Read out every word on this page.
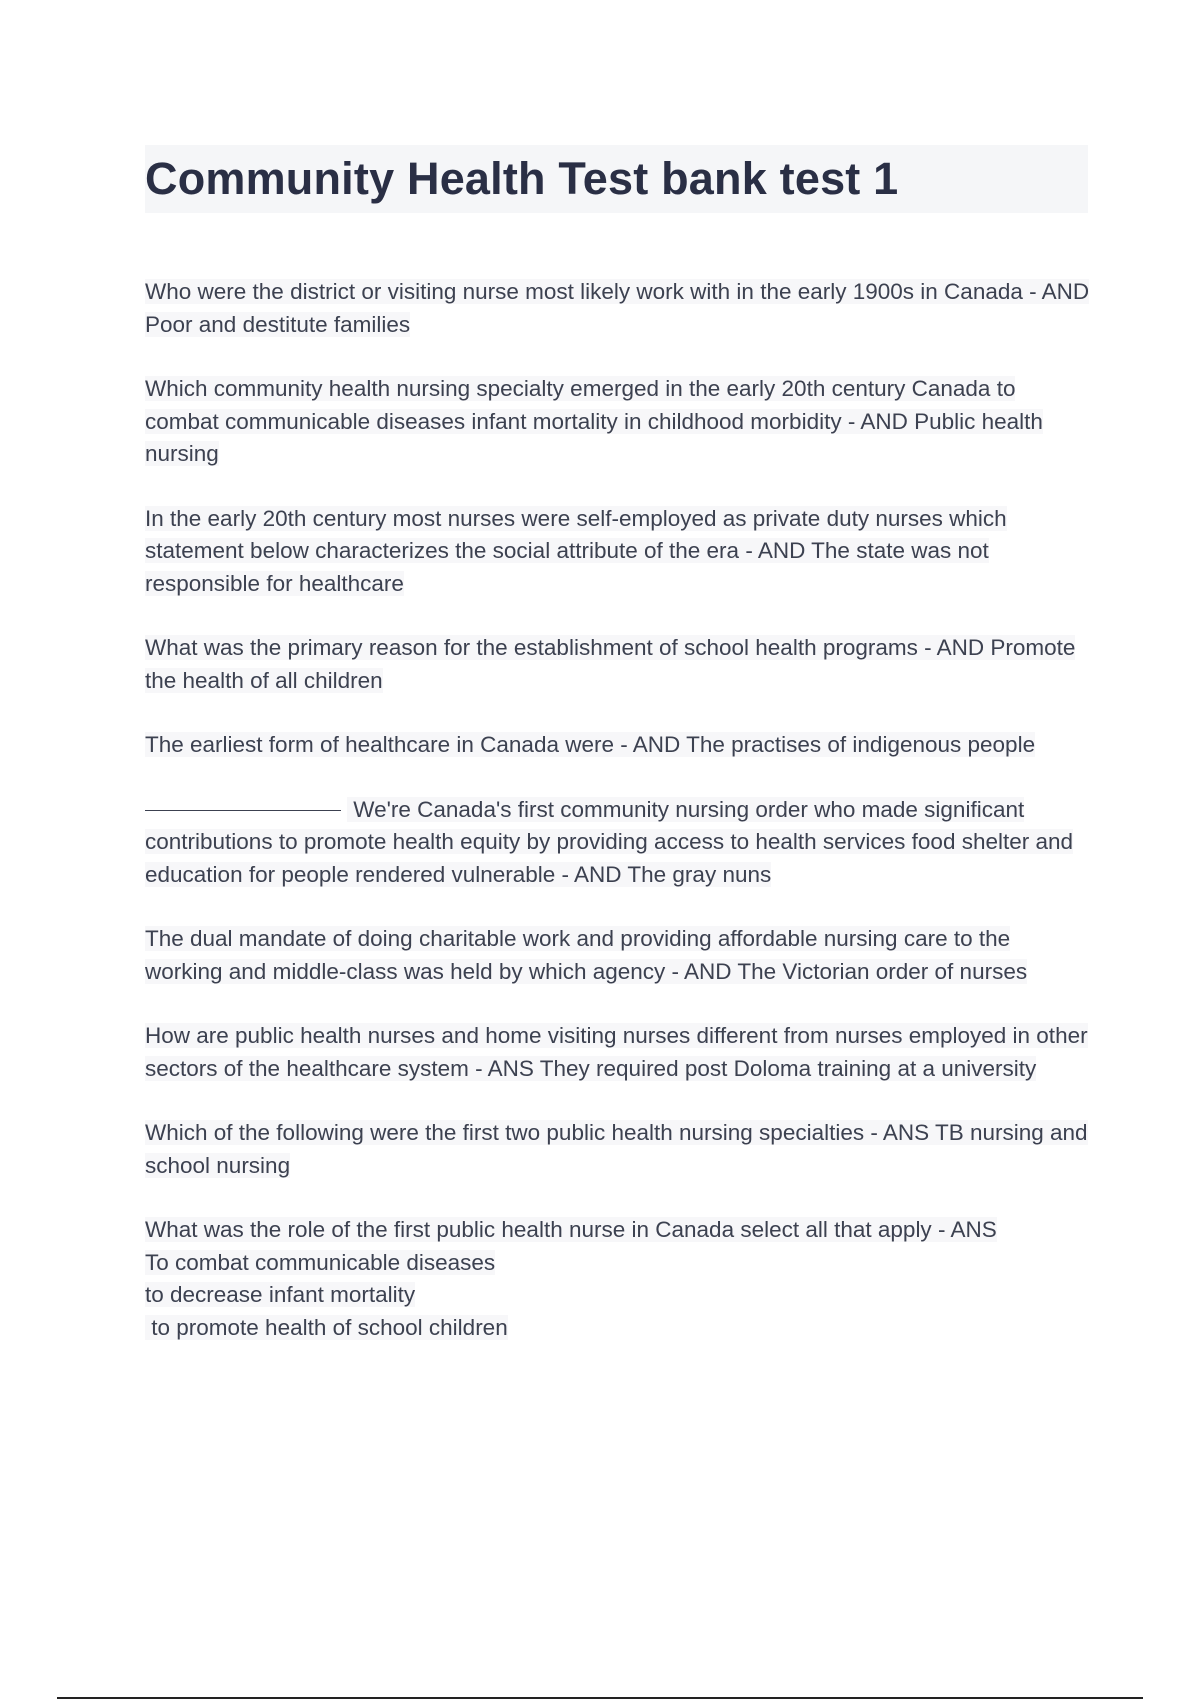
Community Health Test bank test 1

Who were the district or visiting nurse most likely work with in the early 1900s in Canada - AND Poor and destitute families

Which community health nursing specialty emerged in the early 20th century Canada to combat communicable diseases infant mortality in childhood morbidity - AND Public health nursing

In the early 20th century most nurses were self-employed as private duty nurses which statement below characterizes the social attribute of the era - AND The state was not responsible for healthcare

What was the primary reason for the establishment of school health programs - AND Promote the health of all children

The earliest form of healthcare in Canada were - AND The practises of indigenous people

We're Canada's first community nursing order who made significant contributions to promote health equity by providing access to health services food shelter and education for people rendered vulnerable - AND The gray nuns

The dual mandate of doing charitable work and providing affordable nursing care to the working and middle-class was held by which agency - AND The Victorian order of nurses

How are public health nurses and home visiting nurses different from nurses employed in other sectors of the healthcare system - ANS They required post Doloma training at a university

Which of the following were the first two public health nursing specialties - ANS TB nursing and school nursing

What was the role of the first public health nurse in Canada select all that apply - ANS
To combat communicable diseases
to decrease infant mortality
to promote health of school children
